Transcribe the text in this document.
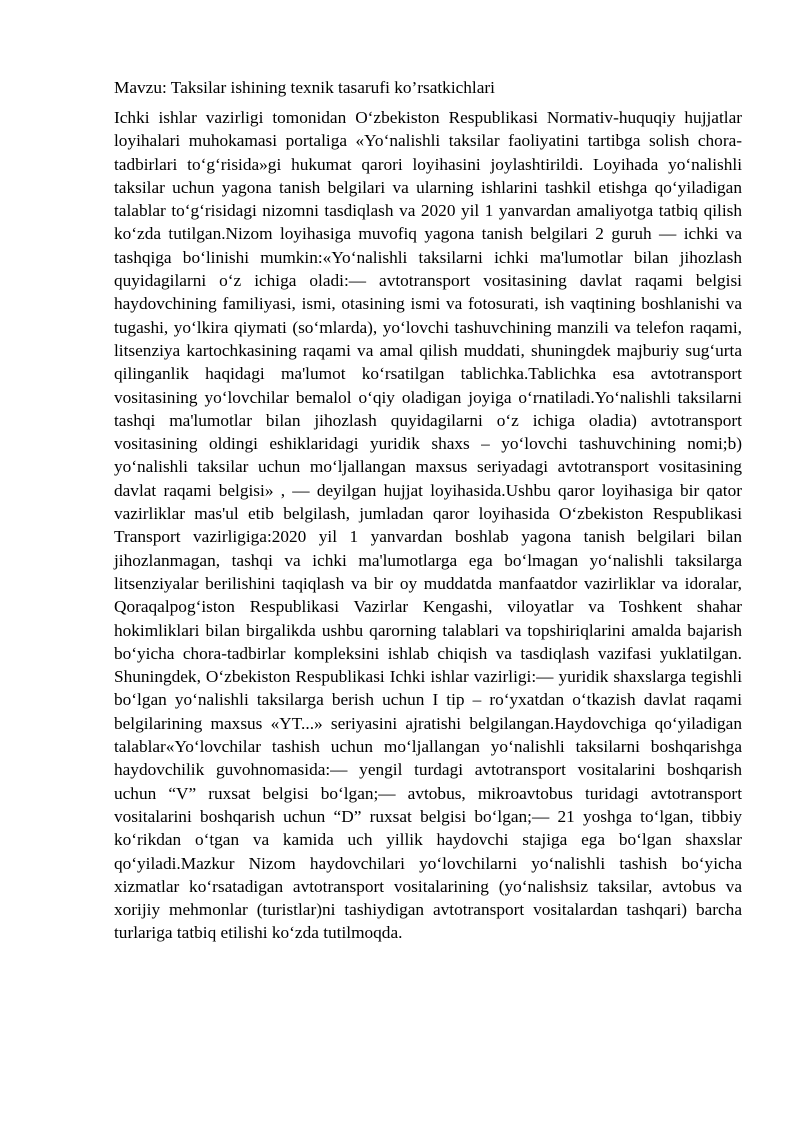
Mavzu: Taksilar ishining texnik tasarufi ko’rsatkichlari

Ichki ishlar vazirligi tomonidan O‘zbekiston Respublikasi Normativ-huquqiy hujjatlar loyihalari muhokamasi portaliga «Yo‘nalishli taksilar faoliyatini tartibga solish chora-tadbirlari to‘g‘risida»gi hukumat qarori loyihasini joylashtirildi. Loyihada yo‘nalishli taksilar uchun yagona tanish belgilari va ularning ishlarini tashkil etishga qo‘yiladigan talablar to‘g‘risidagi nizomni tasdiqlash va 2020 yil 1 yanvardan amaliyotga tatbiq qilish ko‘zda tutilgan.Nizom loyihasiga muvofiq yagona tanish belgilari 2 guruh — ichki va tashqiga bo‘linishi mumkin:«Yo‘nalishli taksilarni ichki ma'lumotlar bilan jihozlash quyidagilarni o‘z ichiga oladi:— avtotransport vositasining davlat raqami belgisi haydovchining familiyasi, ismi, otasining ismi va fotosurati, ish vaqtining boshlanishi va tugashi, yo‘lkira qiymati (so‘mlarda), yo‘lovchi tashuvchining manzili va telefon raqami, litsenziya kartochkasining raqami va amal qilish muddati, shuningdek majburiy sug‘urta qilinganlik haqidagi ma'lumot ko‘rsatilgan tablichka.Tablichka esa avtotransport vositasining yo‘lovchilar bemalol o‘qiy oladigan joyiga o‘rnatiladi.Yo‘nalishli taksilarni tashqi ma'lumotlar bilan jihozlash quyidagilarni o‘z ichiga oladia) avtotransport vositasining oldingi eshiklaridagi yuridik shaxs – yo‘lovchi tashuvchining nomi;b) yo‘nalishli taksilar uchun mo‘ljallangan maxsus seriyadagi avtotransport vositasining davlat raqami belgisi» , — deyilgan hujjat loyihasida.Ushbu qaror loyihasiga bir qator vazirliklar mas'ul etib belgilash, jumladan qaror loyihasida O‘zbekiston Respublikasi Transport vazirligiga:2020 yil 1 yanvardan boshlab yagona tanish belgilari bilan jihozlanmagan, tashqi va ichki ma'lumotlarga ega bo‘lmagan yo‘nalishli taksilarga litsenziyalar berilishini taqiqlash va bir oy muddatda manfaatdor vazirliklar va idoralar, Qoraqalpog‘iston Respublikasi Vazirlar Kengashi, viloyatlar va Toshkent shahar hokimliklari bilan birgalikda ushbu qarorning talablari va topshiriqlarini amalda bajarish bo‘yicha chora-tadbirlar kompleksini ishlab chiqish va tasdiqlash vazifasi yuklatilgan. Shuningdek, O‘zbekiston Respublikasi Ichki ishlar vazirligi:— yuridik shaxslarga tegishli bo‘lgan yo‘nalishli taksilarga berish uchun I tip – ro‘yxatdan o‘tkazish davlat raqami belgilarining maxsus «YT...» seriyasini ajratishi belgilangan.Haydovchiga qo‘yiladigan talablar«Yo‘lovchilar tashish uchun mo‘ljallangan yo‘nalishli taksilarni boshqarishga haydovchilik guvohnomasida:— yengil turdagi avtotransport vositalarini boshqarish uchun “V” ruxsat belgisi bo‘lgan;— avtobus, mikroavtobus turidagi avtotransport vositalarini boshqarish uchun “D” ruxsat belgisi bo‘lgan;— 21 yoshga to‘lgan, tibbiy ko‘rikdan o‘tgan va kamida uch yillik haydovchi stajiga ega bo‘lgan shaxslar qo‘yiladi.Mazkur Nizom haydovchilari yo‘lovchilarni yo‘nalishli tashish bo‘yicha xizmatlar ko‘rsatadigan avtotransport vositalarining (yo‘nalishsiz taksilar, avtobus va xorijiy mehmonlar (turistlar)ni tashiydigan avtotransport vositalardan tashqari) barcha turlariga tatbiq etilishi ko‘zda tutilmoqda.
